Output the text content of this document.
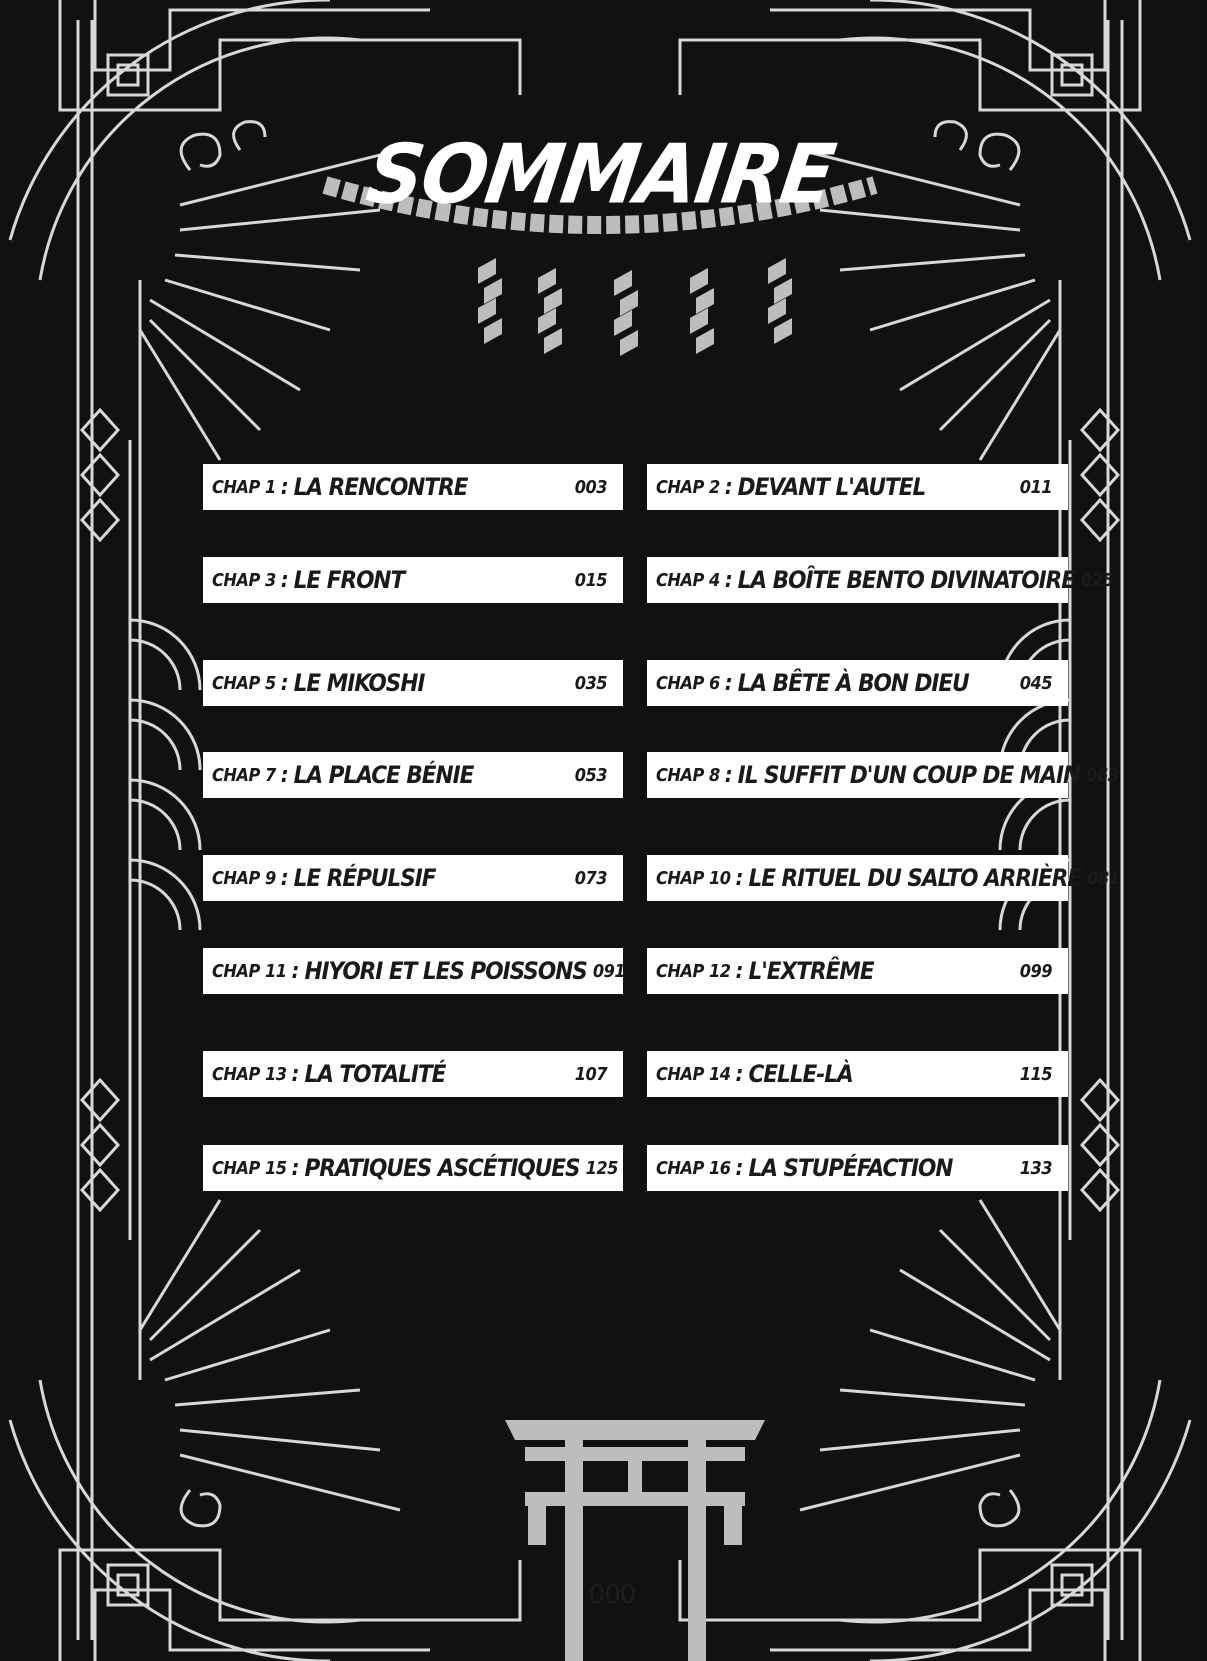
SOMMAIRE
CHAP 1 : LA RENCONTRE	003	CHAP 2 : DEVANT L'AUTEL	011
CHAP 3 : LE FRONT	015	CHAP 4 : LA BOÎTE BENTO DIVINATOIRE 025
CHAP 5 : LE MIKOSHI	035	CHAP 6 : LA BÊTE À BON DIEU	045
CHAP 7 : LA PLACE BÉNIE	053	CHAP 8 : IL SUFFIT D'UN COUP DE MAIN 063
CHAP 9 : LE RÉPULSIF	073	CHAP 10 : LE RITUEL DU SALTO ARRIÈRE 081
CHAP 11 : HIYORI ET LES POISSONS 091 CHAP 12 : L'EXTRÊME	099
CHAP 13 : LA TOTALITÉ	107	CHAP 14 : CELLE-LÀ	115
CHAP 15 : PRATIQUES ASCÉTIQUES 125 CHAP 16 : LA STUPÉFACTION	133
000
